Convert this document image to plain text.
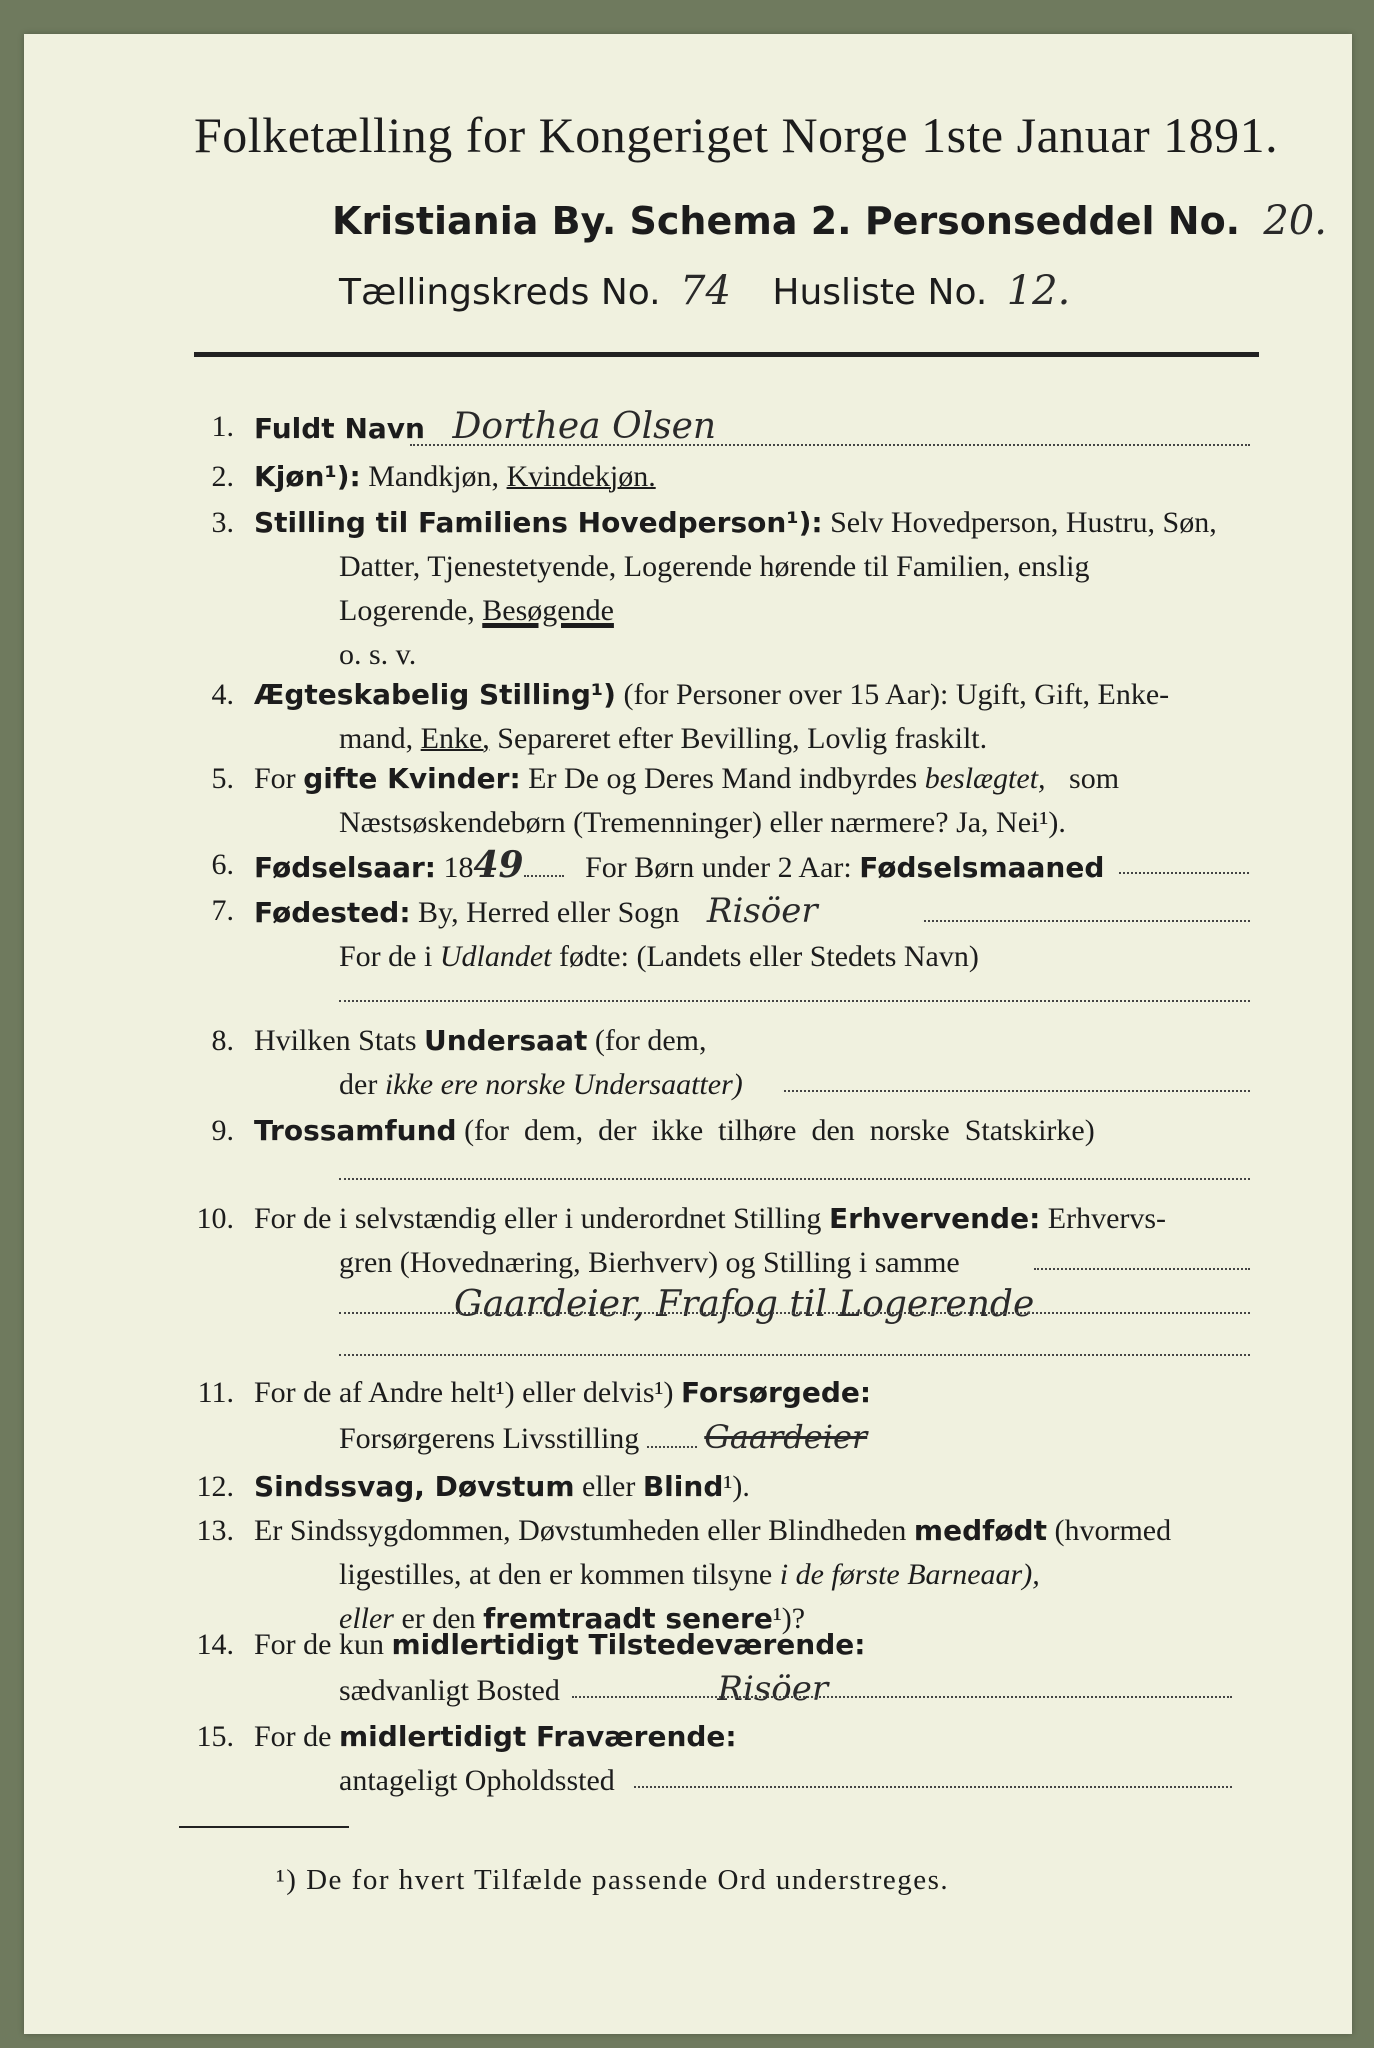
Folketælling for Kongeriget Norge 1ste Januar 1891.
Kristiania By. Schema 2. Personseddel No. 20.
Tællingskreds No. 74 Husliste No. 12.
1. Fuldt Navn Dorthea Olsen
2. Kjøn¹): Mandkjøn, Kvindekjøn.
3. Stilling til Familiens Hovedperson¹): Selv Hovedperson, Hustru, Søn,
Datter, Tjenestetyende, Logerende hørende til Familien, enslig
Logerende, Besøgende
o. s. v.
4. Ægteskabelig Stilling¹) (for Personer over 15 Aar): Ugift, Gift, Enke-
mand, Enke, Separeret efter Bevilling, Lovlig fraskilt.
5. For gifte Kvinder: Er De og Deres Mand indbyrdes beslægtet, som
Næstsøskendebørn (Tremenninger) eller nærmere? Ja, Nei¹).
6. Fødselsaar: 1849 For Børn under 2 Aar: Fødselsmaaned
7. Fødested: By, Herred eller Sogn Risöer
For de i Udlandet fødte: (Landets eller Stedets Navn)
8. Hvilken Stats Undersaat (for dem,
der ikke ere norske Undersaatter)
9. Trossamfund (for  dem,  der  ikke  tilhøre  den  norske  Statskirke)
10. For de i selvstændig eller i underordnet Stilling Erhvervende: Erhvervs-
gren (Hovednæring, Bierhverv) og Stilling i samme
Gaardeier, Frafog til Logerende
11. For de af Andre helt¹) eller delvis¹) Forsørgede:
Forsørgerens Livsstilling Gaardeier
12. Sindssvag, Døvstum eller Blind¹).
13. Er Sindssygdommen, Døvstumheden eller Blindheden medfødt (hvormed
ligestilles, at den er kommen tilsyne i de første Barneaar),
eller er den fremtraadt senere¹)?
14. For de kun midlertidigt Tilstedeværende:
sædvanligt Bosted	Risöer
15. For de midlertidigt Fraværende:
antageligt Opholdssted
¹) De for hvert Tilfælde passende Ord understreges.
